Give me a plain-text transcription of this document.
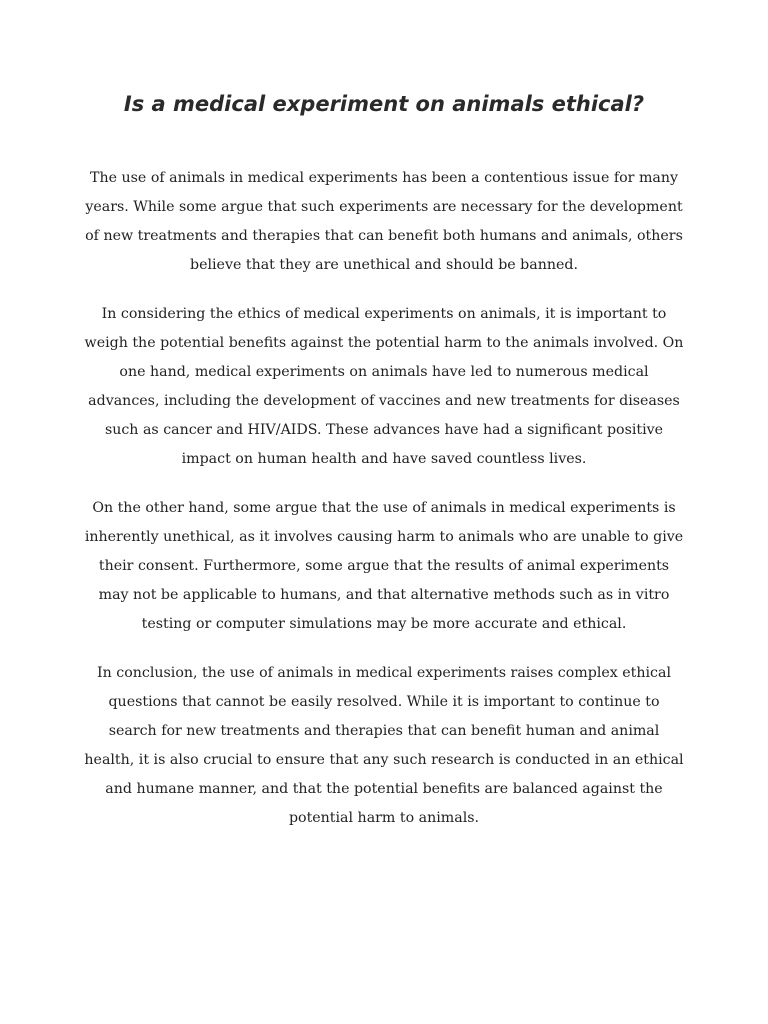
Is a medical experiment on animals ethical?

The use of animals in medical experiments has been a contentious issue for many years. While some argue that such experiments are necessary for the development of new treatments and therapies that can benefit both humans and animals, others believe that they are unethical and should be banned.

In considering the ethics of medical experiments on animals, it is important to weigh the potential benefits against the potential harm to the animals involved. On one hand, medical experiments on animals have led to numerous medical advances, including the development of vaccines and new treatments for diseases such as cancer and HIV/AIDS. These advances have had a significant positive impact on human health and have saved countless lives.

On the other hand, some argue that the use of animals in medical experiments is inherently unethical, as it involves causing harm to animals who are unable to give their consent. Furthermore, some argue that the results of animal experiments may not be applicable to humans, and that alternative methods such as in vitro testing or computer simulations may be more accurate and ethical.

In conclusion, the use of animals in medical experiments raises complex ethical questions that cannot be easily resolved. While it is important to continue to search for new treatments and therapies that can benefit human and animal health, it is also crucial to ensure that any such research is conducted in an ethical and humane manner, and that the potential benefits are balanced against the potential harm to animals.
